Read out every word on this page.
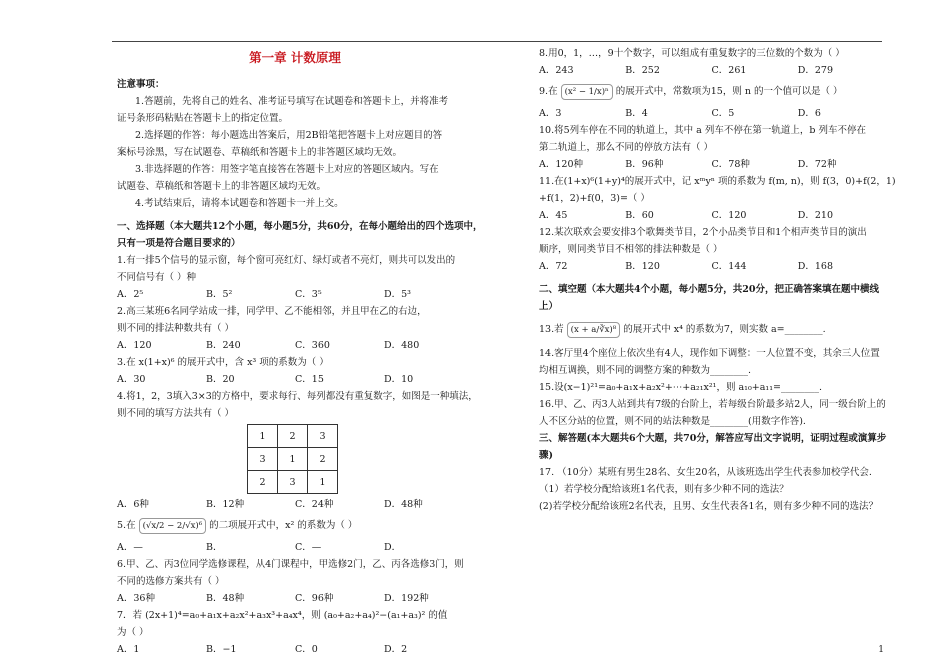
第一章 计数原理
注意事项：
1.答题前，先将自己的姓名、准考证号填写在试题卷和答题卡上，并将准考
证号条形码粘贴在答题卡上的指定位置。
2.选择题的作答：每小题选出答案后，用2B铅笔把答题卡上对应题目的答
案标号涂黑，写在试题卷、草稿纸和答题卡上的非答题区域均无效。
3.非选择题的作答：用签字笔直接答在答题卡上对应的答题区域内。写在
试题卷、草稿纸和答题卡上的非答题区域均无效。
4.考试结束后，请将本试题卷和答题卡一并上交。
一、选择题（本大题共12个小题，每小题5分，共60分，在每小题给出的四个选项中，
只有一项是符合题目要求的）
1.有一排5个信号的显示窗，每个窗可亮红灯、绿灯或者不亮灯，则共可以发出的
不同信号有（ ）种
A．2⁵	B．5²	C．3⁵	D．5³
2.高三某班6名同学站成一排，同学甲、乙不能相邻，并且甲在乙的右边，
则不同的排法种数共有（ ）
A．120	B．240	C．360	D．480
3.在 x(1+x)⁶ 的展开式中，含 x³ 项的系数为（ ）
A．30	B．20	C．15	D．10
4.将1，2，3填入3×3的方格中，要求每行、每列都没有重复数字，如图是一种填法，
则不同的填写方法共有（ ）
1	2	3
3	1	2
2	3	1
A．6种	B．12种	C．24种	D．48种
5.在 (√x/2 − 2/√x)⁶ 的二项展开式中，x² 的系数为（ ）
A．—	B．	C．—	D．
6.甲、乙、丙3位同学选修课程，从4门课程中，甲选修2门，乙、丙各选修3门，则
不同的选修方案共有（ ）
A．36种	B．48种	C．96种	D．192种
7．若 (2x+1)⁴=a₀+a₁x+a₂x²+a₃x³+a₄x⁴，则 (a₀+a₂+a₄)²−(a₁+a₃)² 的值
为（ ）
A．1	B．−1	C．0	D．2
8.用0，1，…，9十个数字，可以组成有重复数字的三位数的个数为（ ）
A．243	B．252	C．261	D．279
9.在 (x² − 1/x)ⁿ 的展开式中，常数项为15，则 n 的一个值可以是（ ）
A．3	B．4	C．5	D．6
10.将5列车停在不同的轨道上，其中 a 列车不停在第一轨道上，b 列车不停在
第二轨道上，那么不同的停放方法有（ ）
A．120种	B．96种	C．78种	D．72种
11.在(1+x)⁶(1+y)⁴的展开式中，记 xᵐyⁿ 项的系数为 f(m, n)，则 f(3，0)+f(2，1)
+f(1，2)+f(0，3)=（ ）
A．45	B．60	C．120	D．210
12.某次联欢会要安排3个歌舞类节目，2个小品类节目和1个相声类节目的演出
顺序，则同类节目不相邻的排法种数是（ ）
A．72	B．120	C．144	D．168
二、填空题（本大题共4个小题，每小题5分，共20分，把正确答案填在题中横线
上）
13.若 (x + a/∛x)⁸ 的展开式中 x⁴ 的系数为7，则实数 a=________.
14.客厅里4个座位上依次坐有4人，现作如下调整：一人位置不变，其余三人位置
均相互调换，则不同的调整方案的种数为________.
15.设(x−1)²¹=a₀+a₁x+a₂x²+⋯+a₂₁x²¹，则 a₁₀+a₁₁=________.
16.甲、乙、丙3人站到共有7级的台阶上，若每级台阶最多站2人，同一级台阶上的
人不区分站的位置，则不同的站法种数是________(用数字作答).
三、解答题(本大题共6个大题，共70分，解答应写出文字说明，证明过程或演算步
骤)
17. （10分）某班有男生28名、女生20名，从该班选出学生代表参加校学代会.
（1）若学校分配给该班1名代表，则有多少种不同的选法？
(2)若学校分配给该班2名代表，且男、女生代表各1名，则有多少种不同的选法？
1
